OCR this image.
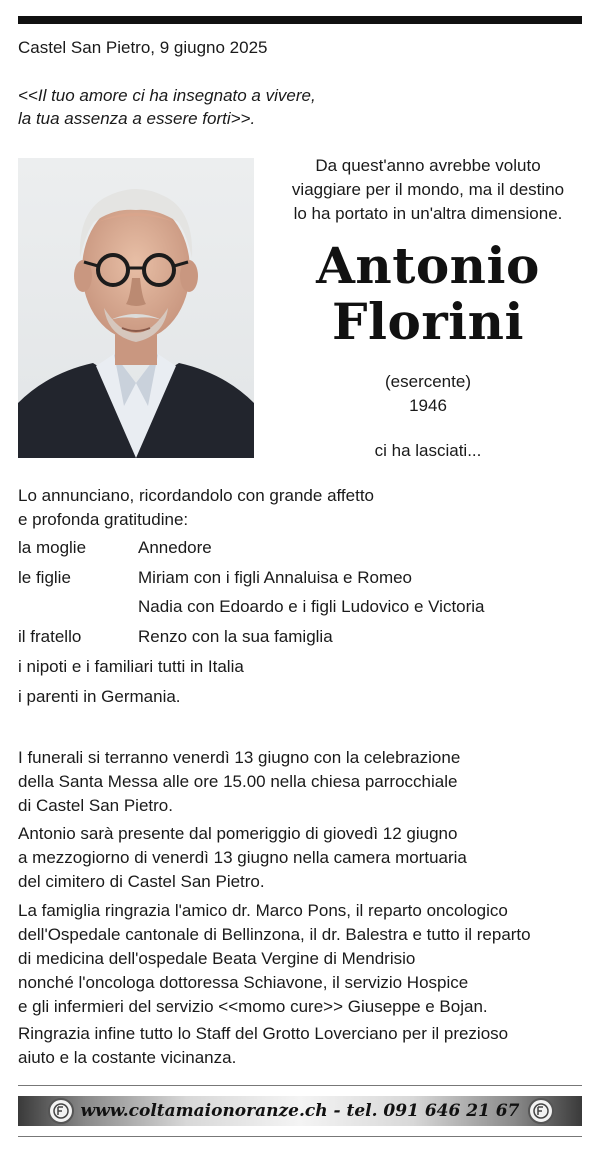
Castel San Pietro, 9 giugno 2025
<<Il tuo amore ci ha insegnato a vivere,
la tua assenza a essere forti>>.
Da quest'anno avrebbe voluto
viaggiare per il mondo, ma il destino
lo ha portato in un'altra dimensione.
Antonio
Florini
(esercente)
1946
ci ha lasciati...
Lo annunciano, ricordandolo con grande affetto
e profonda gratitudine:
la moglie	Annedore
le figlie	Miriam con i figli Annaluisa e Romeo
Nadia con Edoardo e i figli Ludovico e Victoria
il fratello	Renzo con la sua famiglia
i nipoti e i familiari tutti in Italia
i parenti in Germania.
I funerali si terranno venerdì 13 giugno con la celebrazione
della Santa Messa alle ore 15.00 nella chiesa parrocchiale
di Castel San Pietro.
Antonio sarà presente dal pomeriggio di giovedì 12 giugno
a mezzogiorno di venerdì 13 giugno nella camera mortuaria
del cimitero di Castel San Pietro.
La famiglia ringrazia l'amico dr. Marco Pons, il reparto oncologico
dell'Ospedale cantonale di Bellinzona, il dr. Balestra e tutto il reparto
di medicina dell'ospedale Beata Vergine di Mendrisio
nonché l'oncologa dottoressa Schiavone, il servizio Hospice
e gli infermieri del servizio <<momo cure>> Giuseppe e Bojan.
Ringrazia infine tutto lo Staff del Grotto Loverciano per il prezioso
aiuto e la costante vicinanza.
www.coltamaionoranze.ch - tel. 091 646 21 67
